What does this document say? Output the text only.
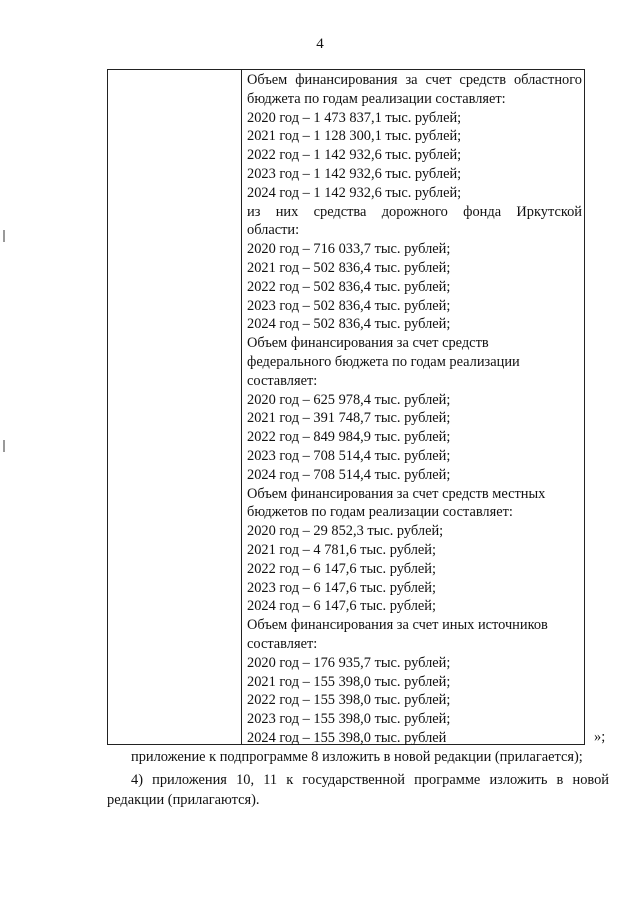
4
Объем финансирования за счет средств областного
бюджета по годам реализации составляет:
2020 год – 1 473 837,1 тыс. рублей;
2021 год – 1 128 300,1 тыс. рублей;
2022 год – 1 142 932,6 тыс. рублей;
2023 год – 1 142 932,6 тыс. рублей;
2024 год – 1 142 932,6 тыс. рублей;
из них средства дорожного фонда Иркутской
области:
2020 год – 716 033,7 тыс. рублей;
2021 год – 502 836,4 тыс. рублей;
2022 год – 502 836,4 тыс. рублей;
2023 год – 502 836,4 тыс. рублей;
2024 год – 502 836,4 тыс. рублей;
Объем финансирования за счет средств
федерального бюджета по годам реализации
составляет:
2020 год – 625 978,4 тыс. рублей;
2021 год – 391 748,7 тыс. рублей;
2022 год – 849 984,9 тыс. рублей;
2023 год – 708 514,4 тыс. рублей;
2024 год – 708 514,4 тыс. рублей;
Объем финансирования за счет средств местных
бюджетов по годам реализации составляет:
2020 год – 29 852,3 тыс. рублей;
2021 год – 4 781,6 тыс. рублей;
2022 год – 6 147,6 тыс. рублей;
2023 год – 6 147,6 тыс. рублей;
2024 год – 6 147,6 тыс. рублей;
Объем финансирования за счет иных источников
составляет:
2020 год – 176 935,7 тыс. рублей;
2021 год – 155 398,0 тыс. рублей;
2022 год – 155 398,0 тыс. рублей;
2023 год – 155 398,0 тыс. рублей;
2024 год – 155 398,0 тыс. рублей	»;
приложение к подпрограмме 8 изложить в новой редакции (прилагается);
4) приложения 10, 11 к государственной программе изложить в новой
редакции (прилагаются).
